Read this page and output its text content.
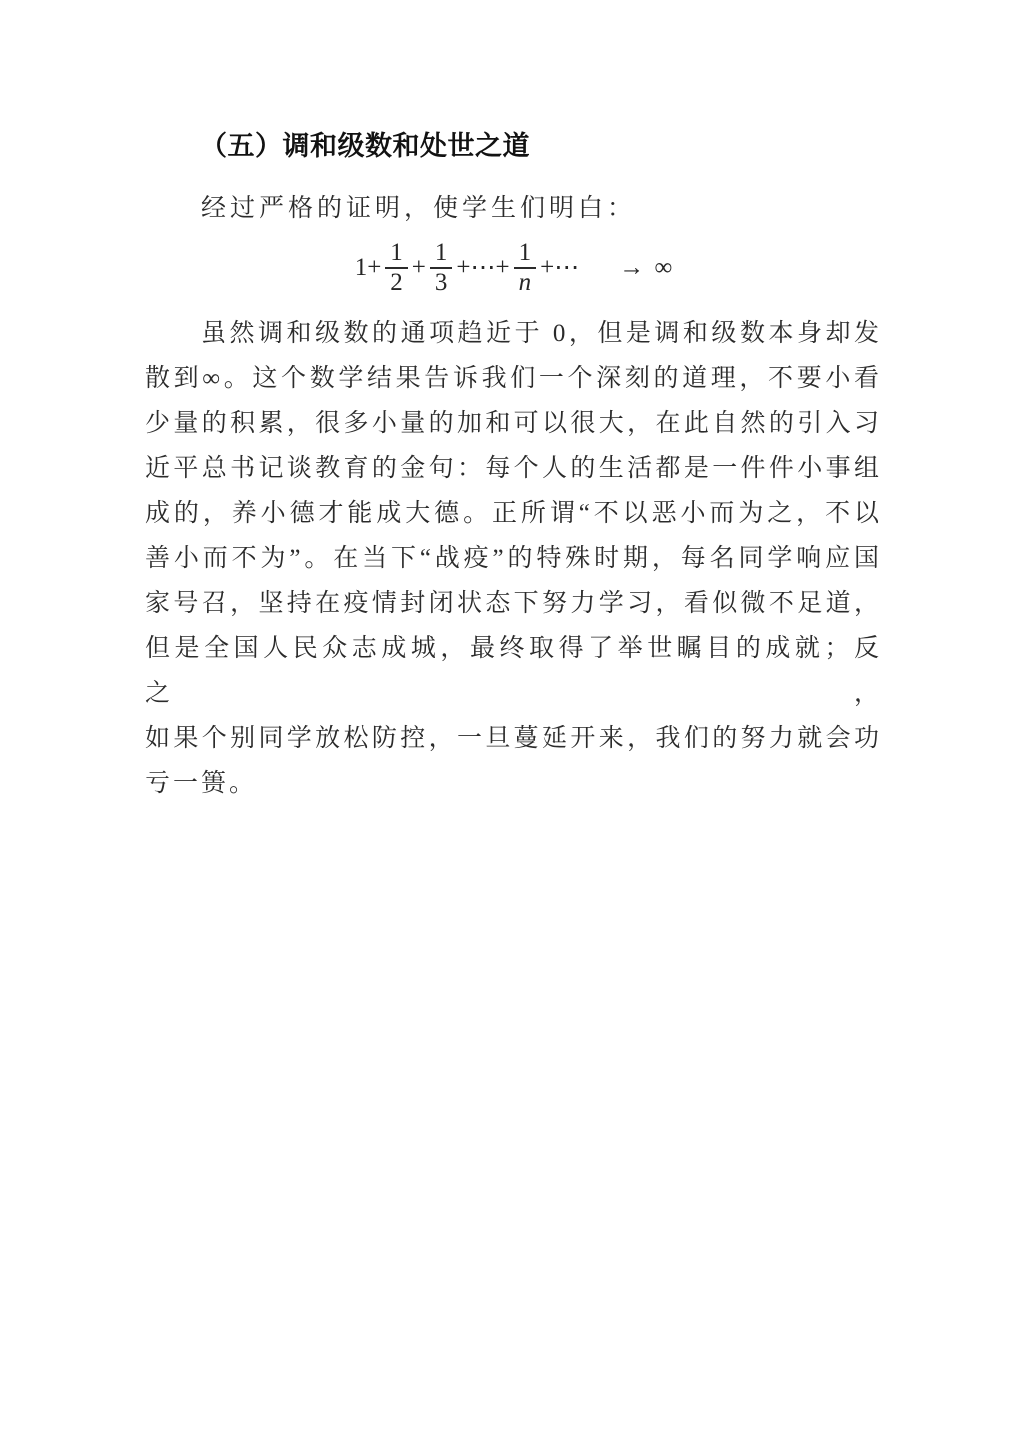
（五）调和级数和处世之道

经过严格的证明，使学生们明白：

$1+ \frac{1}{2} + \frac{1}{3}$ +⋯+ $\frac{1}{n}$ +⋯ → ∞
虽然调和级数的通项趋近于 0，但是调和级数本身却发
散到∞。这个数学结果告诉我们一个深刻的道理，不要小看
少量的积累，很多小量的加和可以很大，在此自然的引入习
近平总书记谈教育的金句：每个人的生活都是一件件小事组
成的，养小德才能成大德。正所谓“不以恶小而为之，不以
善小而不为”。在当下“战疫”的特殊时期，每名同学响应国
家号召，坚持在疫情封闭状态下努力学习，看似微不足道，
但是全国人民众志成城，最终取得了举世瞩目的成就；反之，
如果个别同学放松防控，一旦蔓延开来，我们的努力就会功
亏一篑。
